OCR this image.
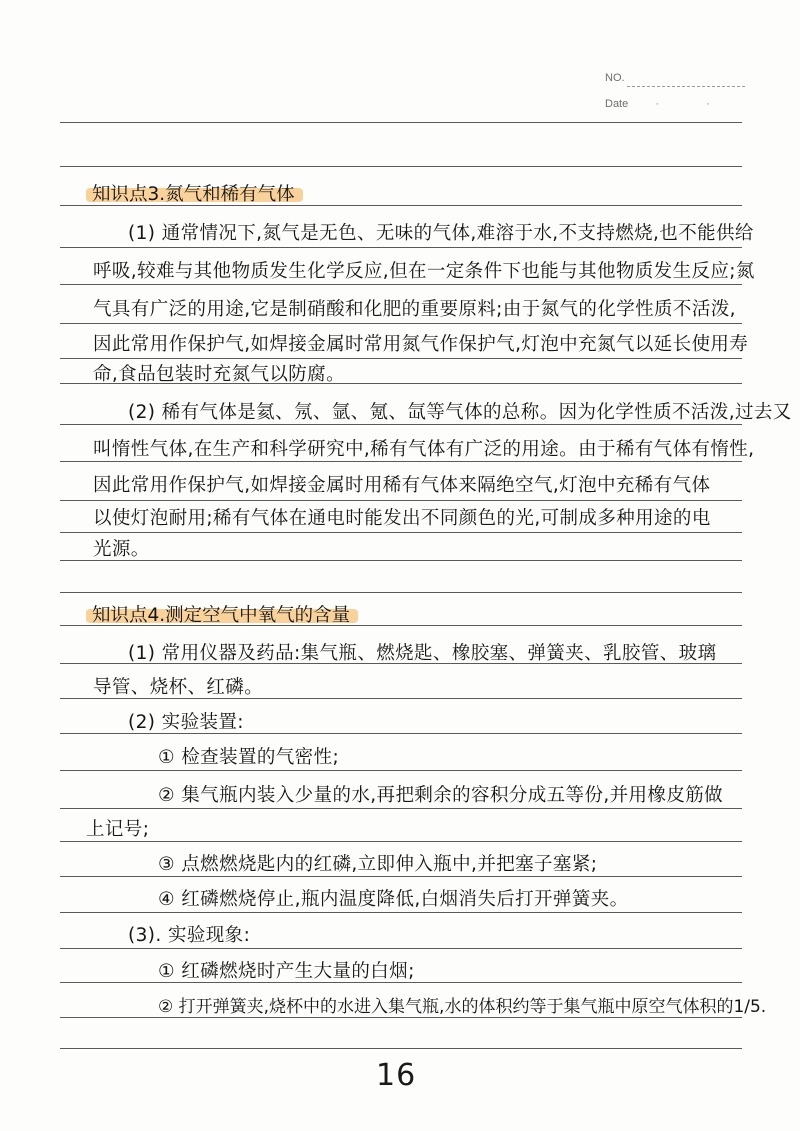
NO.
Date · ·
知识点3.氮气和稀有气体
(1) 通常情况下,氮气是无色、无味的气体,难溶于水,不支持燃烧,也不能供给
呼吸,较难与其他物质发生化学反应,但在一定条件下也能与其他物质发生反应;氮
气具有广泛的用途,它是制硝酸和化肥的重要原料;由于氮气的化学性质不活泼,
因此常用作保护气,如焊接金属时常用氮气作保护气,灯泡中充氮气以延长使用寿
命,食品包装时充氮气以防腐。
(2) 稀有气体是氦、氖、氩、氪、氙等气体的总称。因为化学性质不活泼,过去又
叫惰性气体,在生产和科学研究中,稀有气体有广泛的用途。由于稀有气体有惰性,
因此常用作保护气,如焊接金属时用稀有气体来隔绝空气,灯泡中充稀有气体
以使灯泡耐用;稀有气体在通电时能发出不同颜色的光,可制成多种用途的电
光源。
知识点4.测定空气中氧气的含量
(1) 常用仪器及药品:集气瓶、燃烧匙、橡胶塞、弹簧夹、乳胶管、玻璃
导管、烧杯、红磷。
(2) 实验装置:
① 检查装置的气密性;
② 集气瓶内装入少量的水,再把剩余的容积分成五等份,并用橡皮筋做
上记号;
③ 点燃燃烧匙内的红磷,立即伸入瓶中,并把塞子塞紧;
④ 红磷燃烧停止,瓶内温度降低,白烟消失后打开弹簧夹。
(3). 实验现象:
① 红磷燃烧时产生大量的白烟;
② 打开弹簧夹,烧杯中的水进入集气瓶,水的体积约等于集气瓶中原空气体积的1/5.
16
